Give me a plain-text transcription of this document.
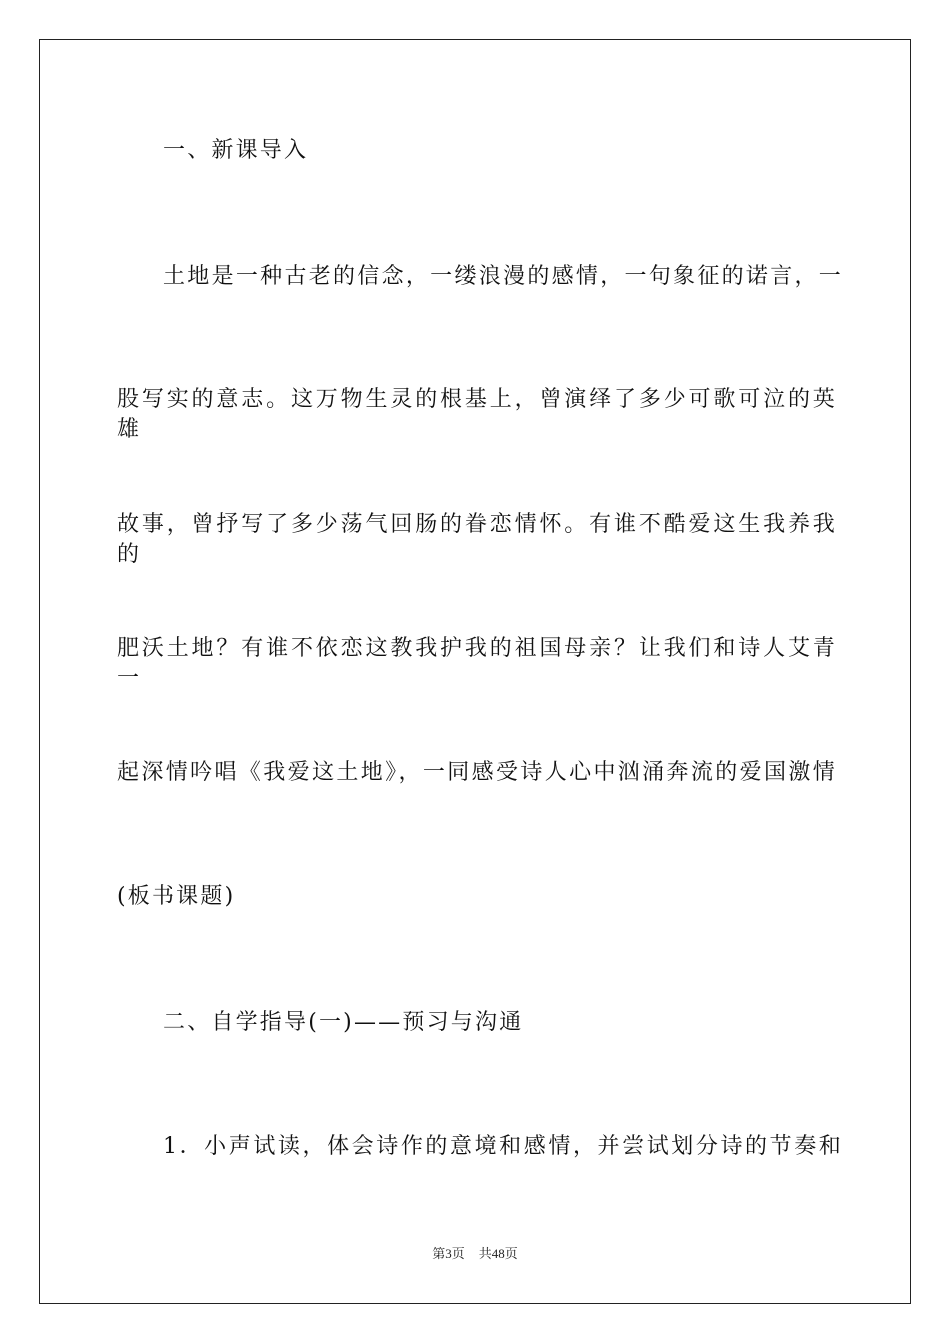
一、新课导入
土地是一种古老的信念，一缕浪漫的感情，一句象征的诺言，一
股写实的意志。这万物生灵的根基上，曾演绎了多少可歌可泣的英雄
故事，曾抒写了多少荡气回肠的眷恋情怀。有谁不酷爱这生我养我的
肥沃土地？有谁不依恋这教我护我的祖国母亲？让我们和诗人艾青一
起深情吟唱《我爱这土地》，一同感受诗人心中汹涌奔流的爱国激情
(板书课题)
二、自学指导(一)——预习与沟通
1．小声试读，体会诗作的意境和感情，并尝试划分诗的节奏和
第3页 共48页
